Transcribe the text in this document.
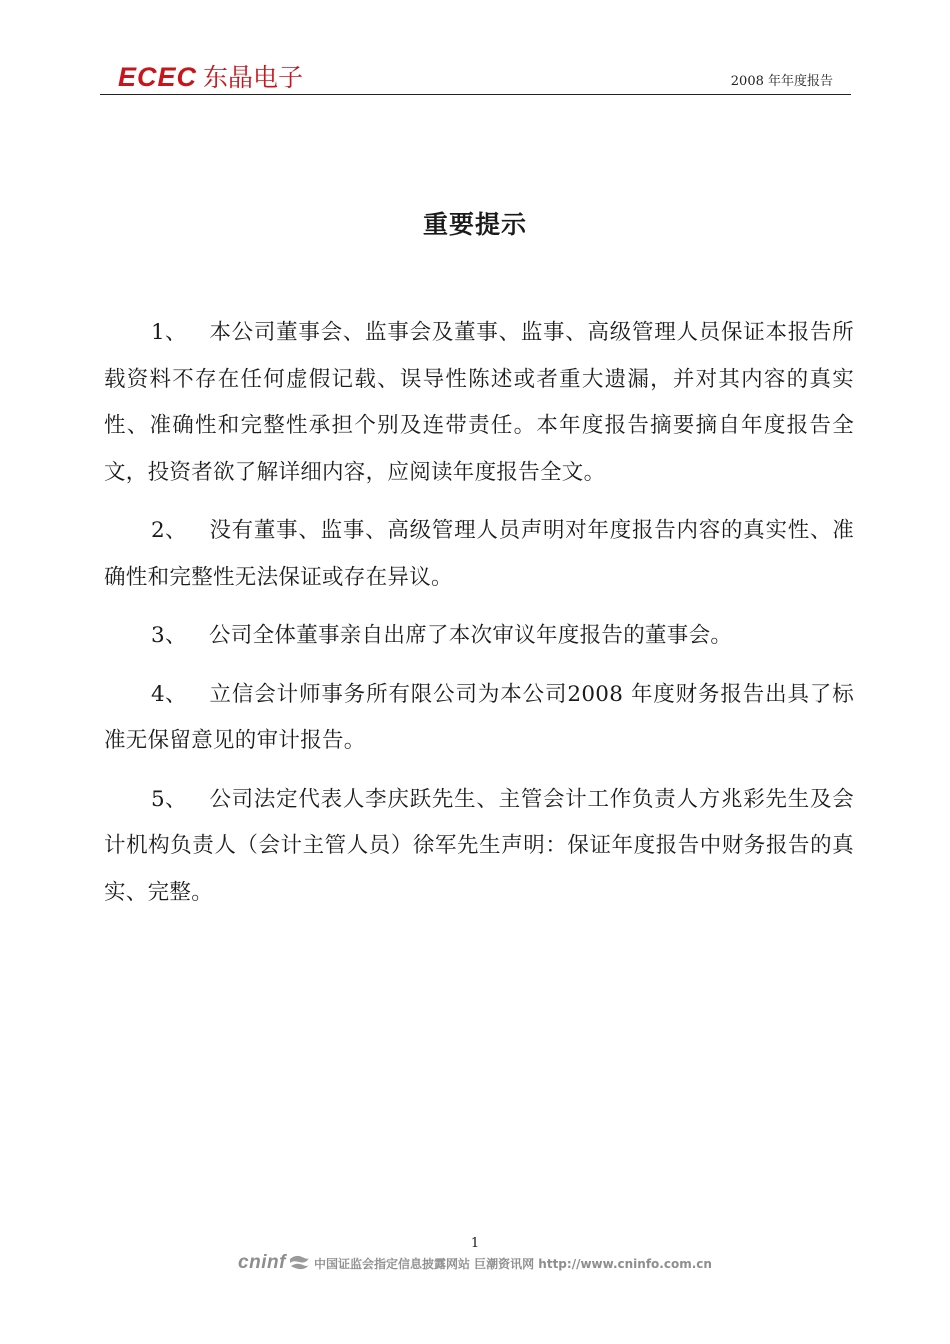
ECEC 东晶电子	2008 年年度报告
重要提示

1、 本公司董事会、监事会及董事、监事、高级管理人员保证本报告所载资料不存在任何虚假记载、误导性陈述或者重大遗漏，并对其内容的真实性、准确性和完整性承担个别及连带责任。本年度报告摘要摘自年度报告全文，投资者欲了解详细内容，应阅读年度报告全文。

2、 没有董事、监事、高级管理人员声明对年度报告内容的真实性、准确性和完整性无法保证或存在异议。

3、 公司全体董事亲自出席了本次审议年度报告的董事会。

4、 立信会计师事务所有限公司为本公司2008 年度财务报告出具了标准无保留意见的审计报告。

5、 公司法定代表人李庆跃先生、主管会计工作负责人方兆彩先生及会计机构负责人（会计主管人员）徐军先生声明：保证年度报告中财务报告的真实、完整。

1
cninf 中国证监会指定信息披露网站 巨潮资讯网 http://www.cninfo.com.cn
